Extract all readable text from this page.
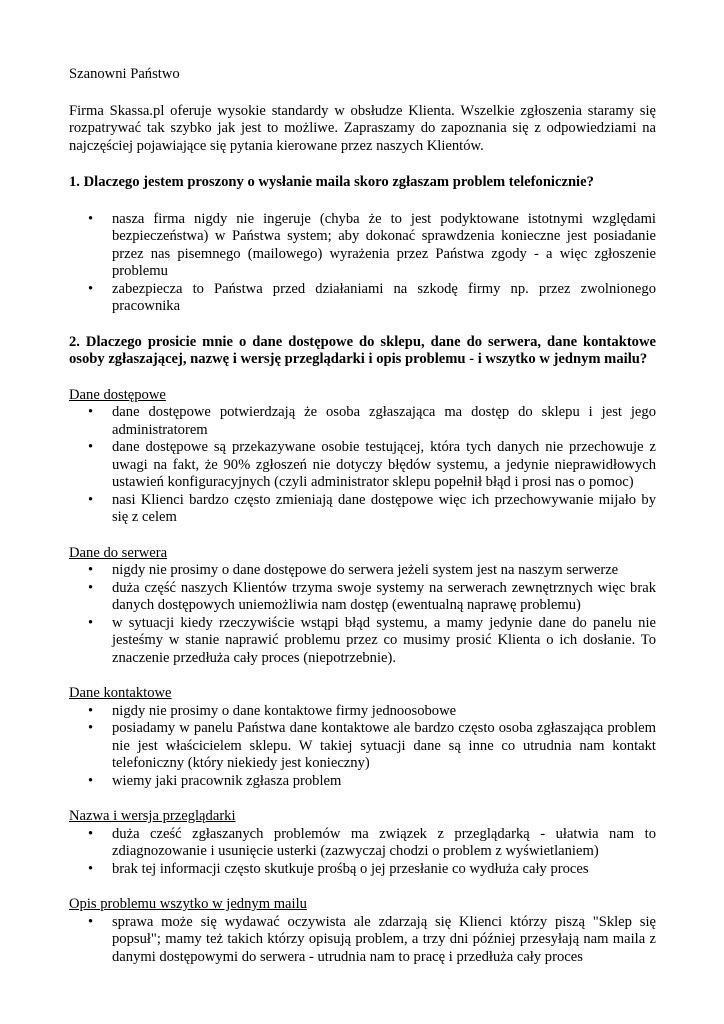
Szanowni Państwo

Firma Skassa.pl oferuje wysokie standardy w obsłudze Klienta. Wszelkie zgłoszenia staramy się rozpatrywać tak szybko jak jest to możliwe. Zapraszamy do zapoznania się z odpowiedziami na najczęściej pojawiające się pytania kierowane przez naszych Klientów.

1. Dlaczego jestem proszony o wysłanie maila skoro zgłaszam problem telefonicznie?

• nasza firma nigdy nie ingeruje (chyba że to jest podyktowane istotnymi względami bezpieczeństwa) w Państwa system; aby dokonać sprawdzenia konieczne jest posiadanie przez nas pisemnego (mailowego) wyrażenia przez Państwa zgody - a więc zgłoszenie problemu
• zabezpiecza to Państwa przed działaniami na szkodę firmy np. przez zwolnionego pracownika

2. Dlaczego prosicie mnie o dane dostępowe do sklepu, dane do serwera, dane kontaktowe osoby zgłaszającej, nazwę i wersję przeglądarki i opis problemu - i wszytko w jednym mailu?

Dane dostępowe

• dane dostępowe potwierdzają że osoba zgłaszająca ma dostęp do sklepu i jest jego administratorem
• dane dostępowe są przekazywane osobie testującej, która tych danych nie przechowuje z uwagi na fakt, że 90% zgłoszeń nie dotyczy błędów systemu, a jedynie nieprawidłowych ustawień konfiguracyjnych (czyli administrator sklepu popełnił błąd i prosi nas o pomoc)
• nasi Klienci bardzo często zmieniają dane dostępowe więc ich przechowywanie mijało by się z celem

Dane do serwera

• nigdy nie prosimy o dane dostępowe do serwera jeżeli system jest na naszym serwerze
• duża część naszych Klientów trzyma swoje systemy na serwerach zewnętrznych więc brak danych dostępowych uniemożliwia nam dostęp (ewentualną naprawę problemu)
• w sytuacji kiedy rzeczywiście wstąpi błąd systemu, a mamy jedynie dane do panelu nie jesteśmy w stanie naprawić problemu przez co musimy prosić Klienta o ich dosłanie. To znaczenie przedłuża cały proces (niepotrzebnie).

Dane kontaktowe

• nigdy nie prosimy o dane kontaktowe firmy jednoosobowe
• posiadamy w panelu Państwa dane kontaktowe ale bardzo często osoba zgłaszająca problem nie jest właścicielem sklepu. W takiej sytuacji dane są inne co utrudnia nam kontakt telefoniczny (który niekiedy jest konieczny)
• wiemy jaki pracownik zgłasza problem

Nazwa i wersja przeglądarki

• duża cześć zgłaszanych problemów ma związek z przeglądarką - ułatwia nam to zdiagnozowanie i usunięcie usterki (zazwyczaj chodzi o problem z wyświetlaniem)
• brak tej informacji często skutkuje prośbą o jej przesłanie co wydłuża cały proces

Opis problemu wszytko w jednym mailu

• sprawa może się wydawać oczywista ale zdarzają się Klienci którzy piszą "Sklep się popsuł"; mamy też takich którzy opisują problem, a trzy dni później przesyłają nam maila z danymi dostępowymi do serwera - utrudnia nam to pracę i przedłuża cały proces
